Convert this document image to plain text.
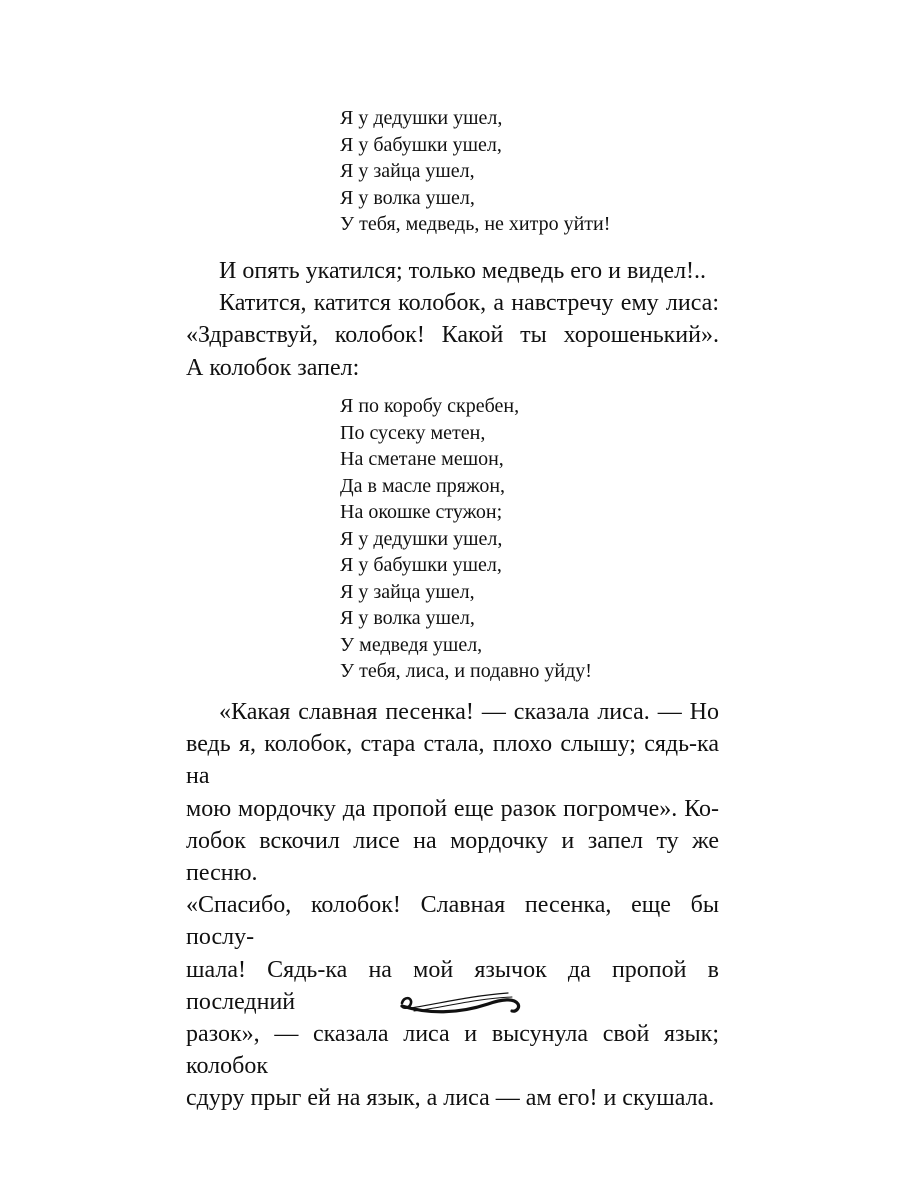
Я у дедушки ушел,
Я у бабушки ушел,
Я у зайца ушел,
Я у волка ушел,
У тебя, медведь, не хитро уйти!
И опять укатился; только медведь его и видел!..
Катится, катится колобок, а навстречу ему лиса:
«Здравствуй, колобок! Какой ты хорошенький».
А колобок запел:
Я по коробу скребен,
По сусеку метен,
На сметане мешон,
Да в масле пряжон,
На окошке стужон;
Я у дедушки ушел,
Я у бабушки ушел,
Я у зайца ушел,
Я у волка ушел,
У медведя ушел,
У тебя, лиса, и подавно уйду!
«Какая славная песенка! — сказала лиса. — Но
ведь я, колобок, стара стала, плохо слышу; сядь-ка на
мою мордочку да пропой еще разок погромче». Ко-
лобок вскочил лисе на мордочку и запел ту же песню.
«Спасибо, колобок! Славная песенка, еще бы послу-
шала! Сядь-ка на мой язычок да пропой в последний
разок», — сказала лиса и высунула свой язык; колобок
сдуру прыг ей на язык, а лиса — ам его! и скушала.
